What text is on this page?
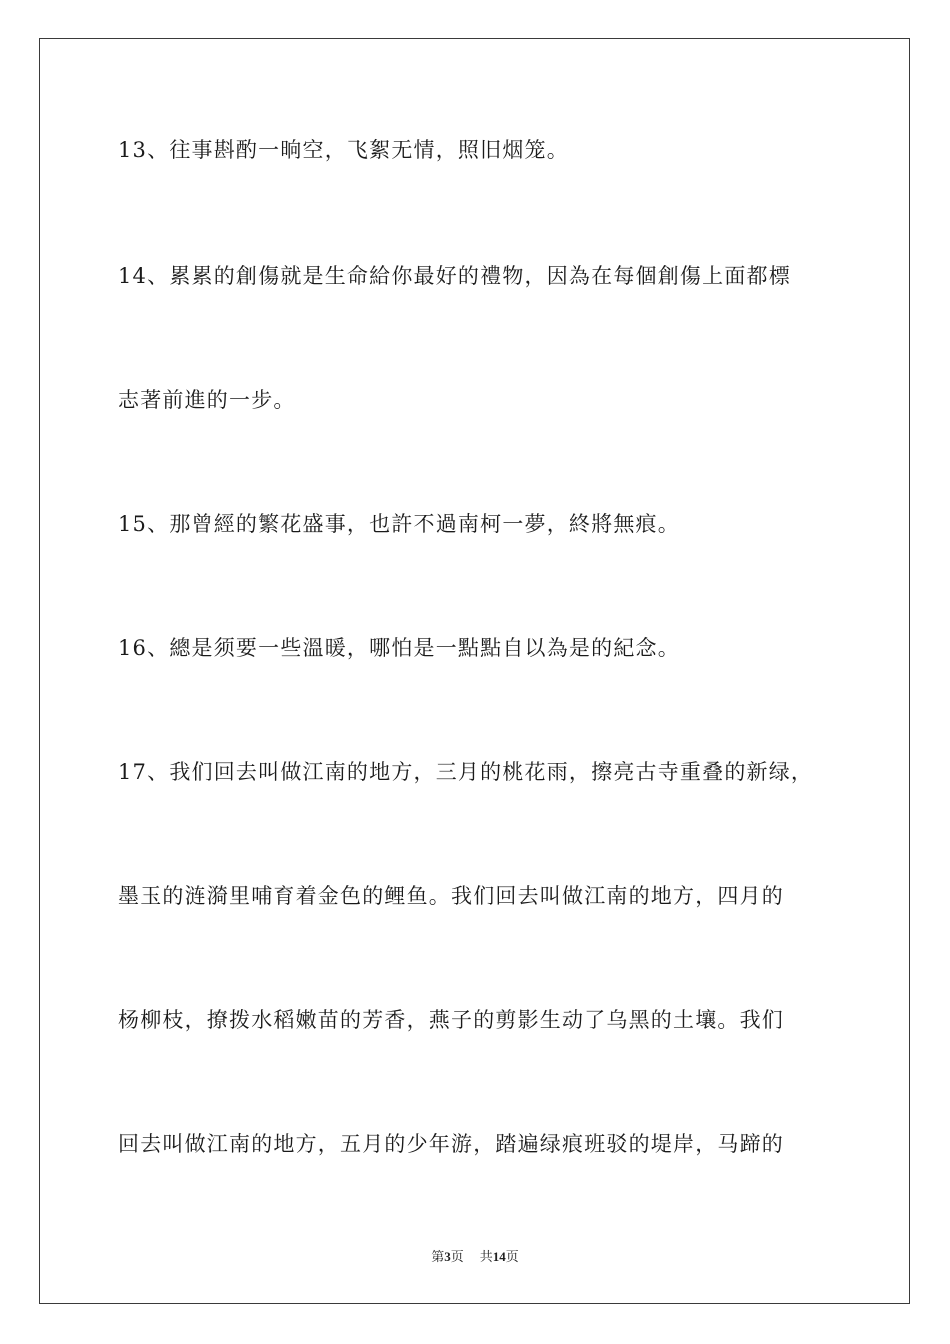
13、往事斟酌一晌空，飞絮无情，照旧烟笼。
14、累累的創傷就是生命給你最好的禮物，因為在每個創傷上面都標
志著前進的一步。
15、那曾經的繁花盛事，也許不過南柯一夢，終將無痕。
16、總是须要一些溫暖，哪怕是一點點自以為是的紀念。
17、我们回去叫做江南的地方，三月的桃花雨，擦亮古寺重叠的新绿，
墨玉的涟漪里哺育着金色的鲤鱼。我们回去叫做江南的地方，四月的
杨柳枝，撩拨水稻嫩苗的芳香，燕子的剪影生动了乌黑的土壤。我们
回去叫做江南的地方，五月的少年游，踏遍绿痕班驳的堤岸，马蹄的
第3页 共14页
